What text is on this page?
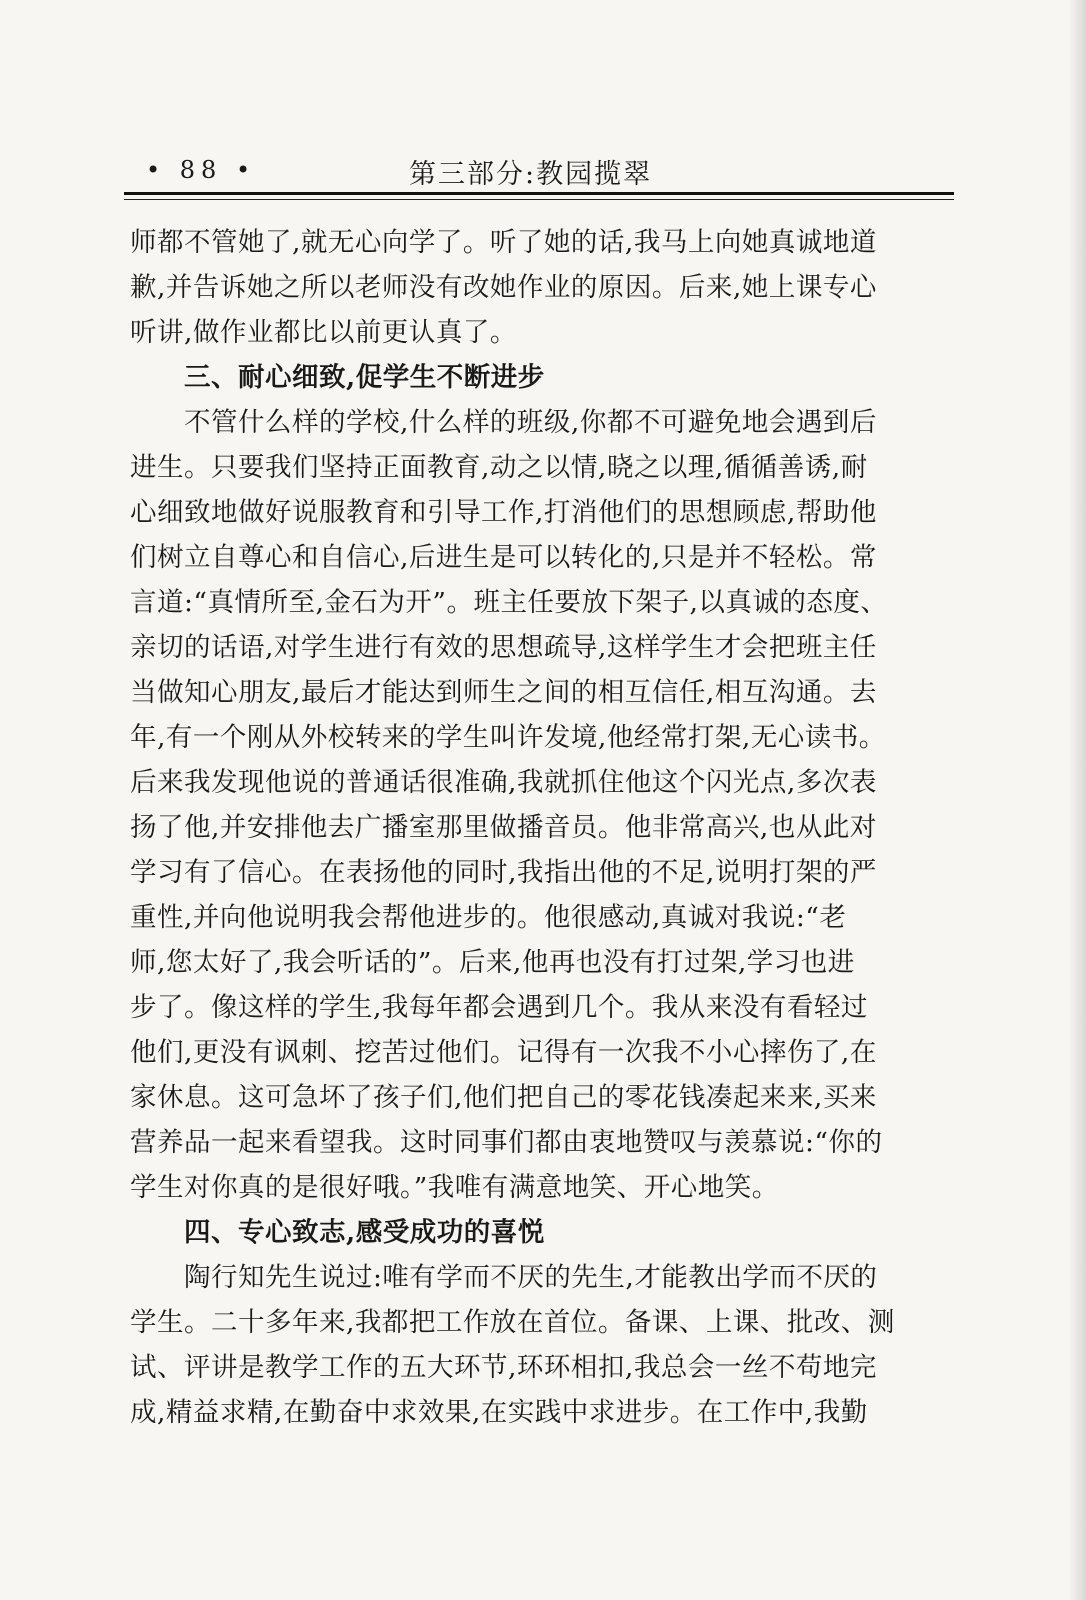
• 88 •	第三部分:教园揽翠

师都不管她了,就无心向学了。听了她的话,我马上向她真诚地道
歉,并告诉她之所以老师没有改她作业的原因。后来,她上课专心
听讲,做作业都比以前更认真了。

三、耐心细致,促学生不断进步

不管什么样的学校,什么样的班级,你都不可避免地会遇到后
进生。只要我们坚持正面教育,动之以情,晓之以理,循循善诱,耐
心细致地做好说服教育和引导工作,打消他们的思想顾虑,帮助他
们树立自尊心和自信心,后进生是可以转化的,只是并不轻松。常
言道:“真情所至,金石为开”。班主任要放下架子,以真诚的态度、
亲切的话语,对学生进行有效的思想疏导,这样学生才会把班主任
当做知心朋友,最后才能达到师生之间的相互信任,相互沟通。去
年,有一个刚从外校转来的学生叫许发境,他经常打架,无心读书。
后来我发现他说的普通话很准确,我就抓住他这个闪光点,多次表
扬了他,并安排他去广播室那里做播音员。他非常高兴,也从此对
学习有了信心。在表扬他的同时,我指出他的不足,说明打架的严
重性,并向他说明我会帮他进步的。他很感动,真诚对我说:“老
师,您太好了,我会听话的”。后来,他再也没有打过架,学习也进
步了。像这样的学生,我每年都会遇到几个。我从来没有看轻过
他们,更没有讽刺、挖苦过他们。记得有一次我不小心摔伤了,在
家休息。这可急坏了孩子们,他们把自己的零花钱凑起来来,买来
营养品一起来看望我。这时同事们都由衷地赞叹与羡慕说:“你的
学生对你真的是很好哦。”我唯有满意地笑、开心地笑。

四、专心致志,感受成功的喜悦

陶行知先生说过:唯有学而不厌的先生,才能教出学而不厌的
学生。二十多年来,我都把工作放在首位。备课、上课、批改、测
试、评讲是教学工作的五大环节,环环相扣,我总会一丝不苟地完
成,精益求精,在勤奋中求效果,在实践中求进步。在工作中,我勤
